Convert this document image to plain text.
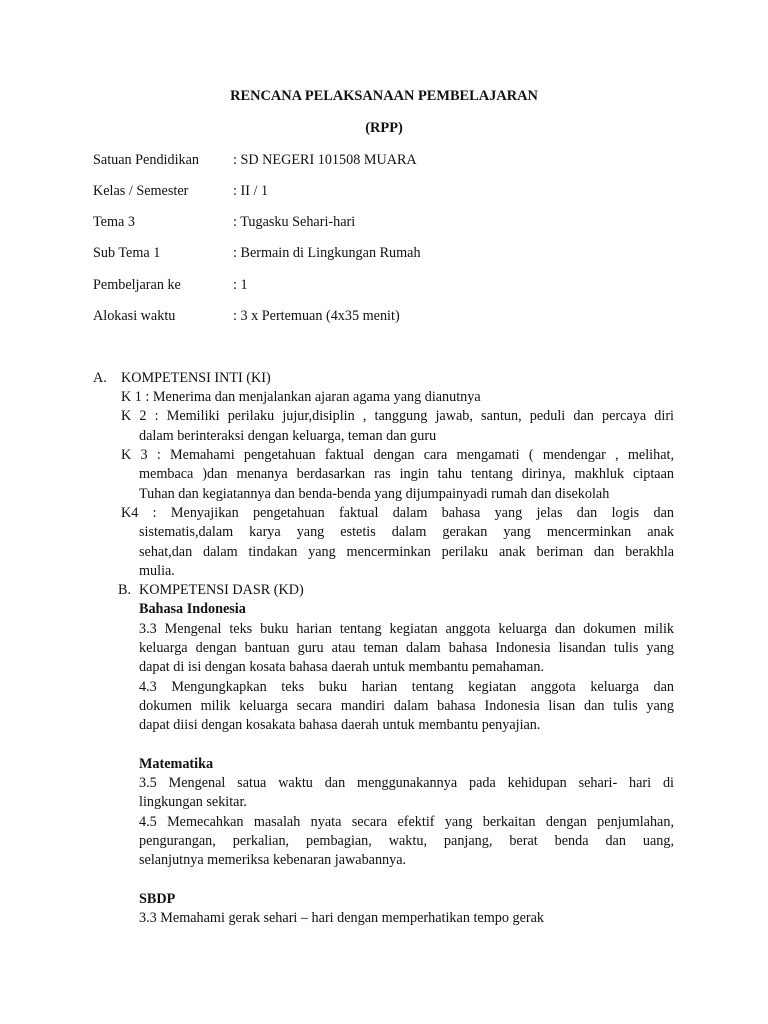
RENCANA PELAKSANAAN PEMBELAJARAN
(RPP)
Satuan Pendidikan	: SD NEGERI 101508 MUARA
Kelas / Semester	: II / 1
Tema 3	: Tugasku Sehari-hari
Sub Tema 1	: Bermain di Lingkungan Rumah
Pembeljaran ke	: 1
Alokasi waktu	: 3 x Pertemuan (4x35 menit)
A. KOMPETENSI INTI (KI)
K 1 : Menerima dan menjalankan ajaran agama yang dianutnya
K 2 : Memiliki perilaku jujur,disiplin , tanggung jawab, santun, peduli dan percaya diri
dalam berinteraksi dengan keluarga, teman dan guru
K 3 : Memahami pengetahuan faktual dengan cara mengamati ( mendengar , melihat,
membaca )dan menanya berdasarkan ras ingin tahu tentang dirinya, makhluk ciptaan
Tuhan dan kegiatannya dan benda-benda yang dijumpainyadi rumah dan disekolah
K4 : Menyajikan pengetahuan faktual dalam bahasa yang jelas dan logis dan
sistematis,dalam karya yang estetis dalam gerakan yang mencerminkan anak
sehat,dan dalam tindakan yang mencerminkan perilaku anak beriman dan berakhla
mulia.
B. KOMPETENSI DASR (KD)
Bahasa Indonesia
3.3 Mengenal teks buku harian tentang kegiatan anggota keluarga dan dokumen milik
keluarga dengan bantuan guru atau teman dalam bahasa Indonesia lisandan tulis yang
dapat di isi dengan kosata bahasa daerah untuk membantu pemahaman.
4.3 Mengungkapkan teks buku harian tentang kegiatan anggota keluarga dan
dokumen milik keluarga secara mandiri dalam bahasa Indonesia lisan dan tulis yang
dapat diisi dengan kosakata bahasa daerah untuk membantu penyajian.
Matematika
3.5 Mengenal satua waktu dan menggunakannya pada kehidupan sehari- hari di
lingkungan sekitar.
4.5 Memecahkan masalah nyata secara efektif yang berkaitan dengan penjumlahan,
pengurangan, perkalian, pembagian, waktu, panjang, berat benda dan uang,
selanjutnya memeriksa kebenaran jawabannya.
SBDP
3.3 Memahami gerak sehari – hari dengan memperhatikan tempo gerak
